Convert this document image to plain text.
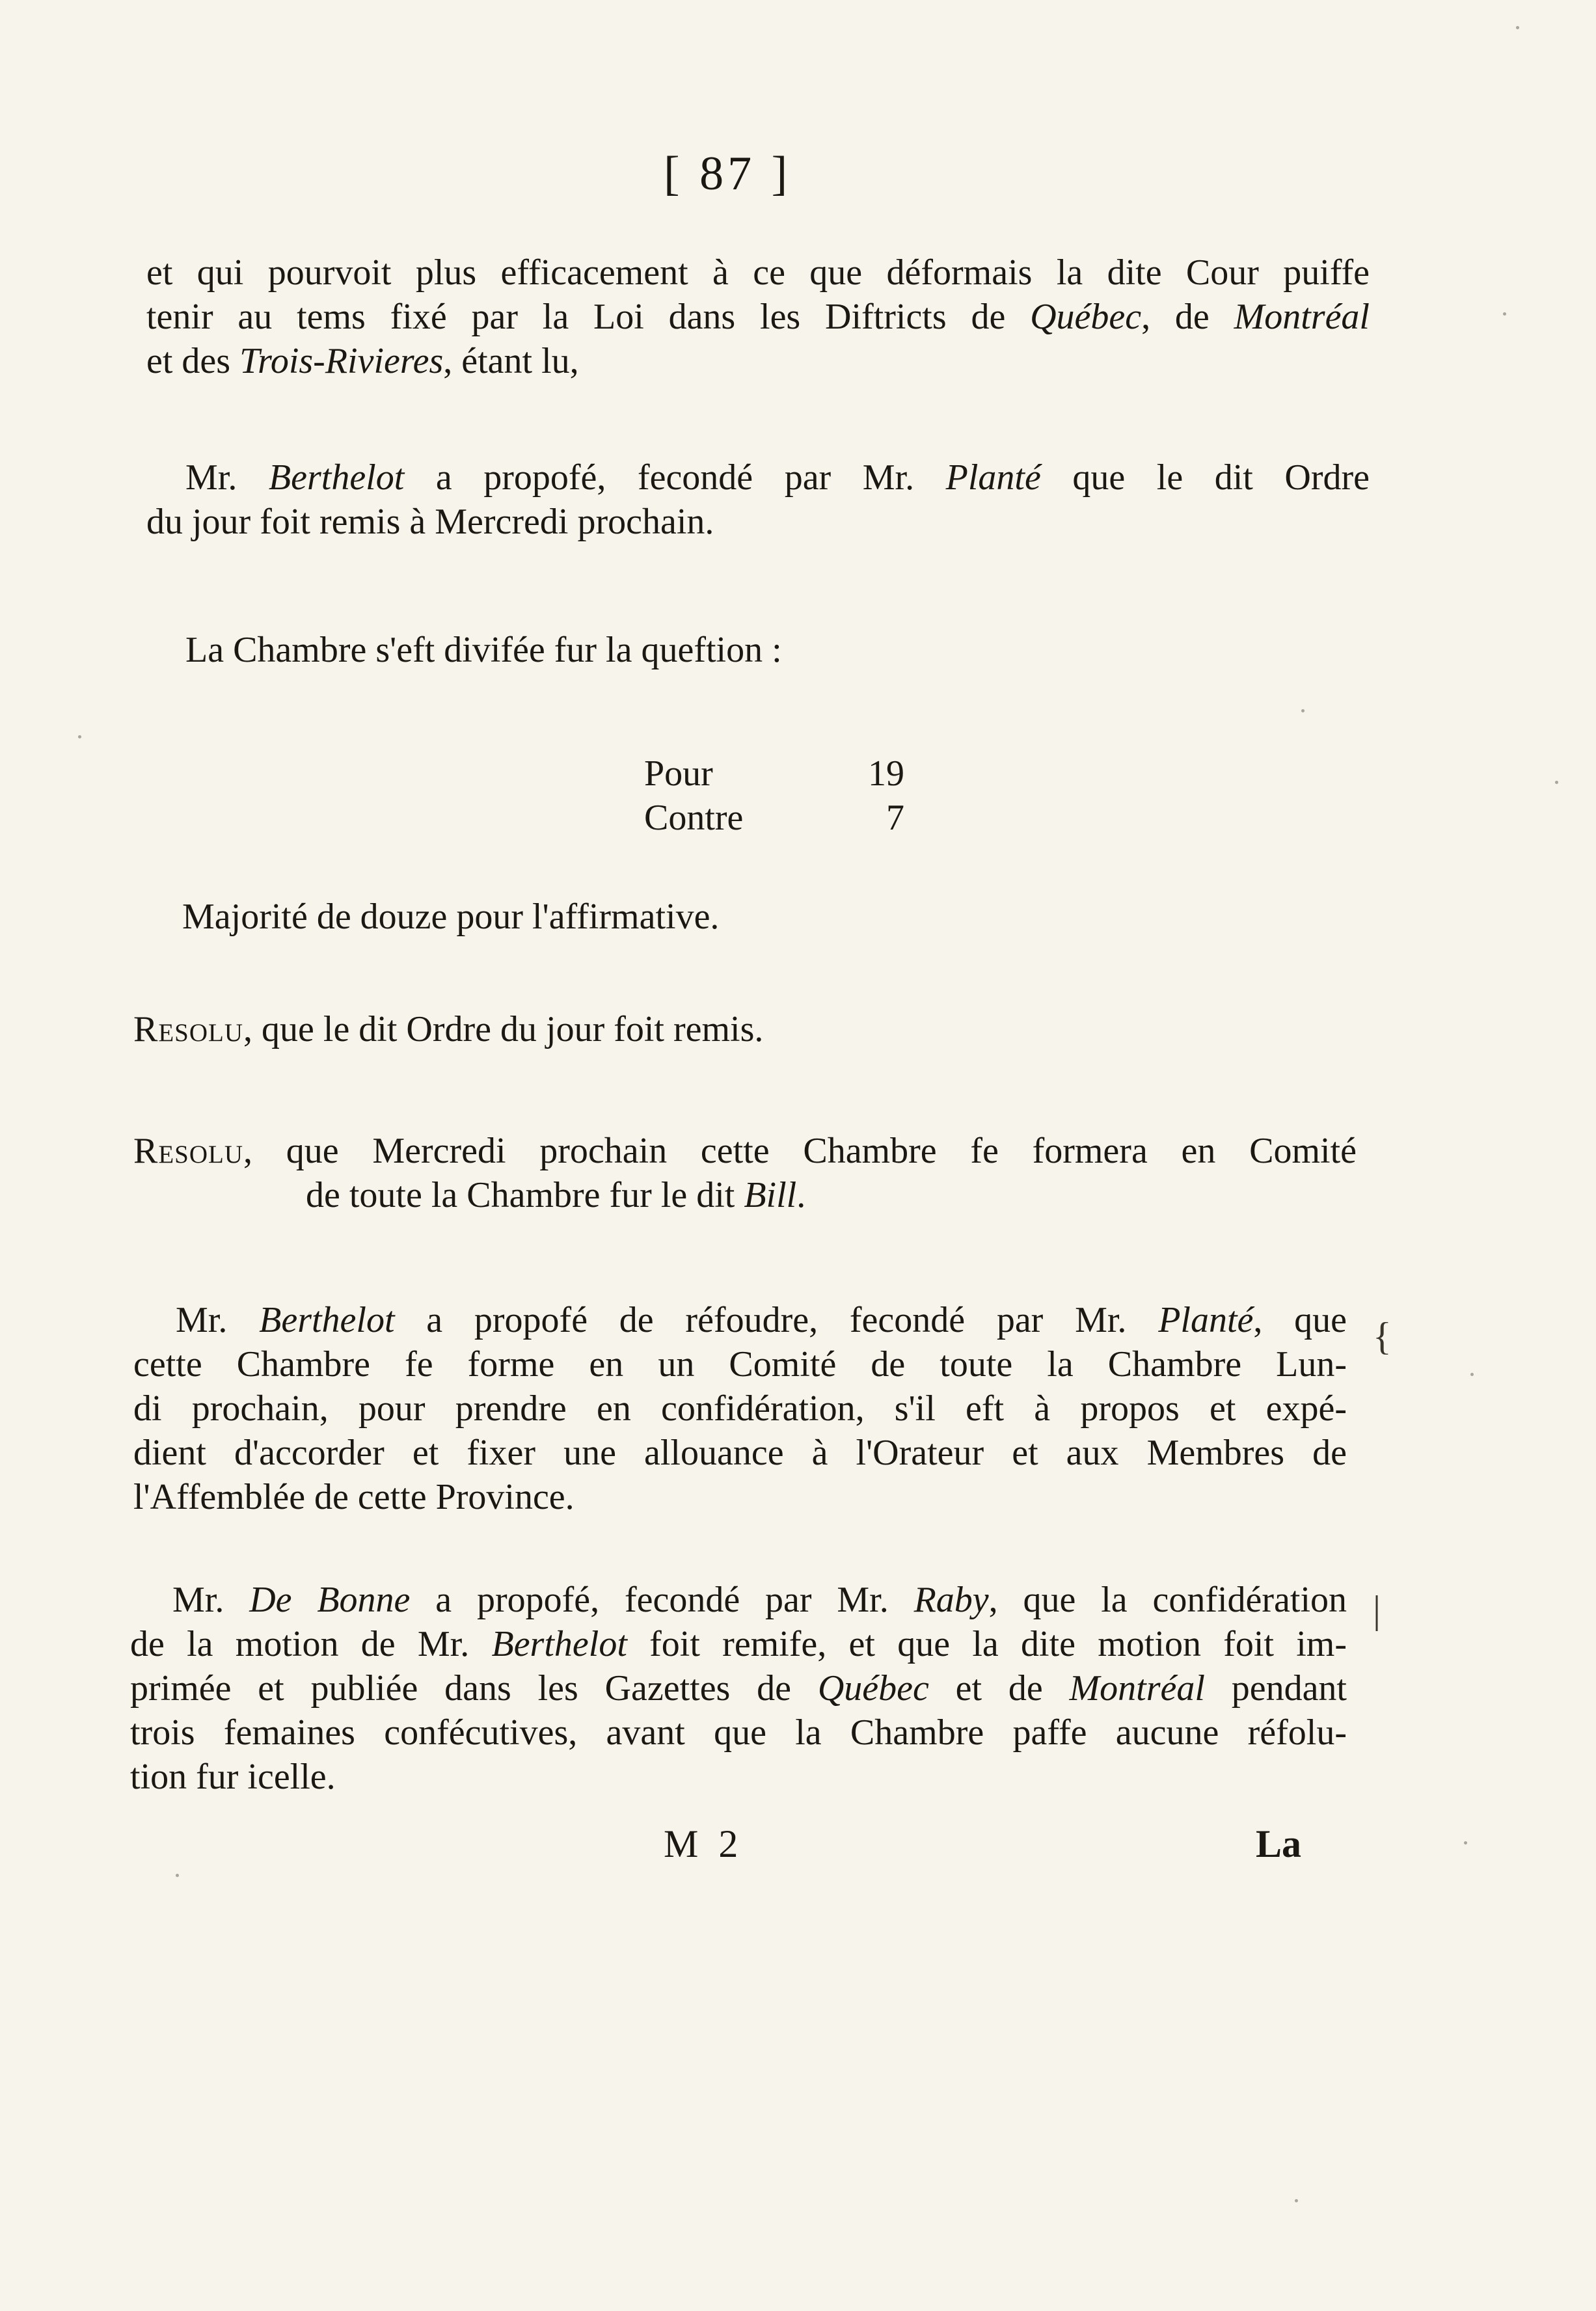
[ 87 ]
et qui pourvoit plus efficacement à ce que déformais la dite Cour puiffe
tenir au tems fixé par la Loi dans les Diftricts de Québec, de Montréal
et des Trois-Rivieres, étant lu,
Mr. Berthelot a propofé, fecondé par Mr. Planté que le dit Ordre
du jour foit remis à Mercredi prochain.
La Chambre s'eft divifée fur la queftion :
Pour	19
Contre	7
Majorité de douze pour l'affirmative.
Resolu, que le dit Ordre du jour foit remis.
Resolu, que Mercredi prochain cette Chambre fe formera en Comité
de toute la Chambre fur le dit Bill.
Mr. Berthelot a propofé de réfoudre, fecondé par Mr. Planté, que
cette Chambre fe forme en un Comité de toute la Chambre Lun-
di prochain, pour prendre en confidération, s'il eft à propos et expé-
dient d'accorder et fixer une allouance à l'Orateur et aux Membres de
l'Affemblée de cette Province.
Mr. De Bonne a propofé, fecondé par Mr. Raby, que la confidération
de la motion de Mr. Berthelot foit remife, et que la dite motion foit im-
primée et publiée dans les Gazettes de Québec et de Montréal pendant
trois femaines confécutives, avant que la Chambre paffe aucune réfolu-
tion fur icelle.
M 2	La
{
|
